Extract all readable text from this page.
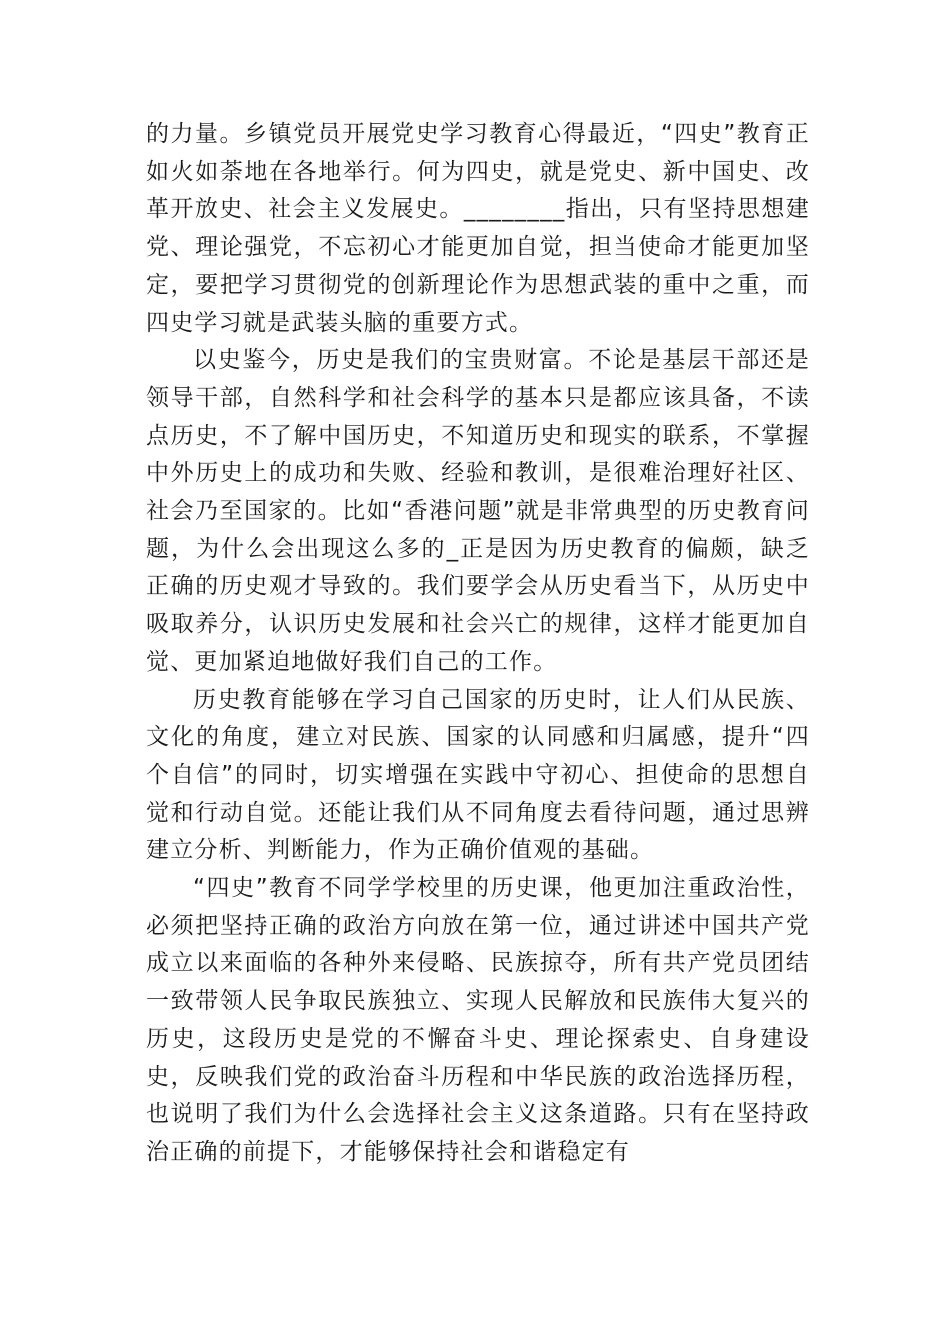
的力量。乡镇党员开展党史学习教育心得最近，“四史”教育正如火如荼地在各地举行。何为四史，就是党史、新中国史、改革开放史、社会主义发展史。________指出，只有坚持思想建党、理论强党，不忘初心才能更加自觉，担当使命才能更加坚定，要把学习贯彻党的创新理论作为思想武装的重中之重，而四史学习就是武装头脑的重要方式。

以史鉴今，历史是我们的宝贵财富。不论是基层干部还是领导干部，自然科学和社会科学的基本只是都应该具备，不读点历史，不了解中国历史，不知道历史和现实的联系，不掌握中外历史上的成功和失败、经验和教训，是很难治理好社区、社会乃至国家的。比如“香港问题”就是非常典型的历史教育问题，为什么会出现这么多的_正是因为历史教育的偏颇，缺乏正确的历史观才导致的。我们要学会从历史看当下，从历史中吸取养分，认识历史发展和社会兴亡的规律，这样才能更加自觉、更加紧迫地做好我们自己的工作。

历史教育能够在学习自己国家的历史时，让人们从民族、文化的角度，建立对民族、国家的认同感和归属感，提升“四个自信”的同时，切实增强在实践中守初心、担使命的思想自觉和行动自觉。还能让我们从不同角度去看待问题，通过思辨建立分析、判断能力，作为正确价值观的基础。

“四史”教育不同学学校里的历史课，他更加注重政治性，必须把坚持正确的政治方向放在第一位，通过讲述中国共产党成立以来面临的各种外来侵略、民族掠夺，所有共产党员团结一致带领人民争取民族独立、实现人民解放和民族伟大复兴的历史，这段历史是党的不懈奋斗史、理论探索史、自身建设史，反映我们党的政治奋斗历程和中华民族的政治选择历程，也说明了我们为什么会选择社会主义这条道路。只有在坚持政治正确的前提下，才能够保持社会和谐稳定有
